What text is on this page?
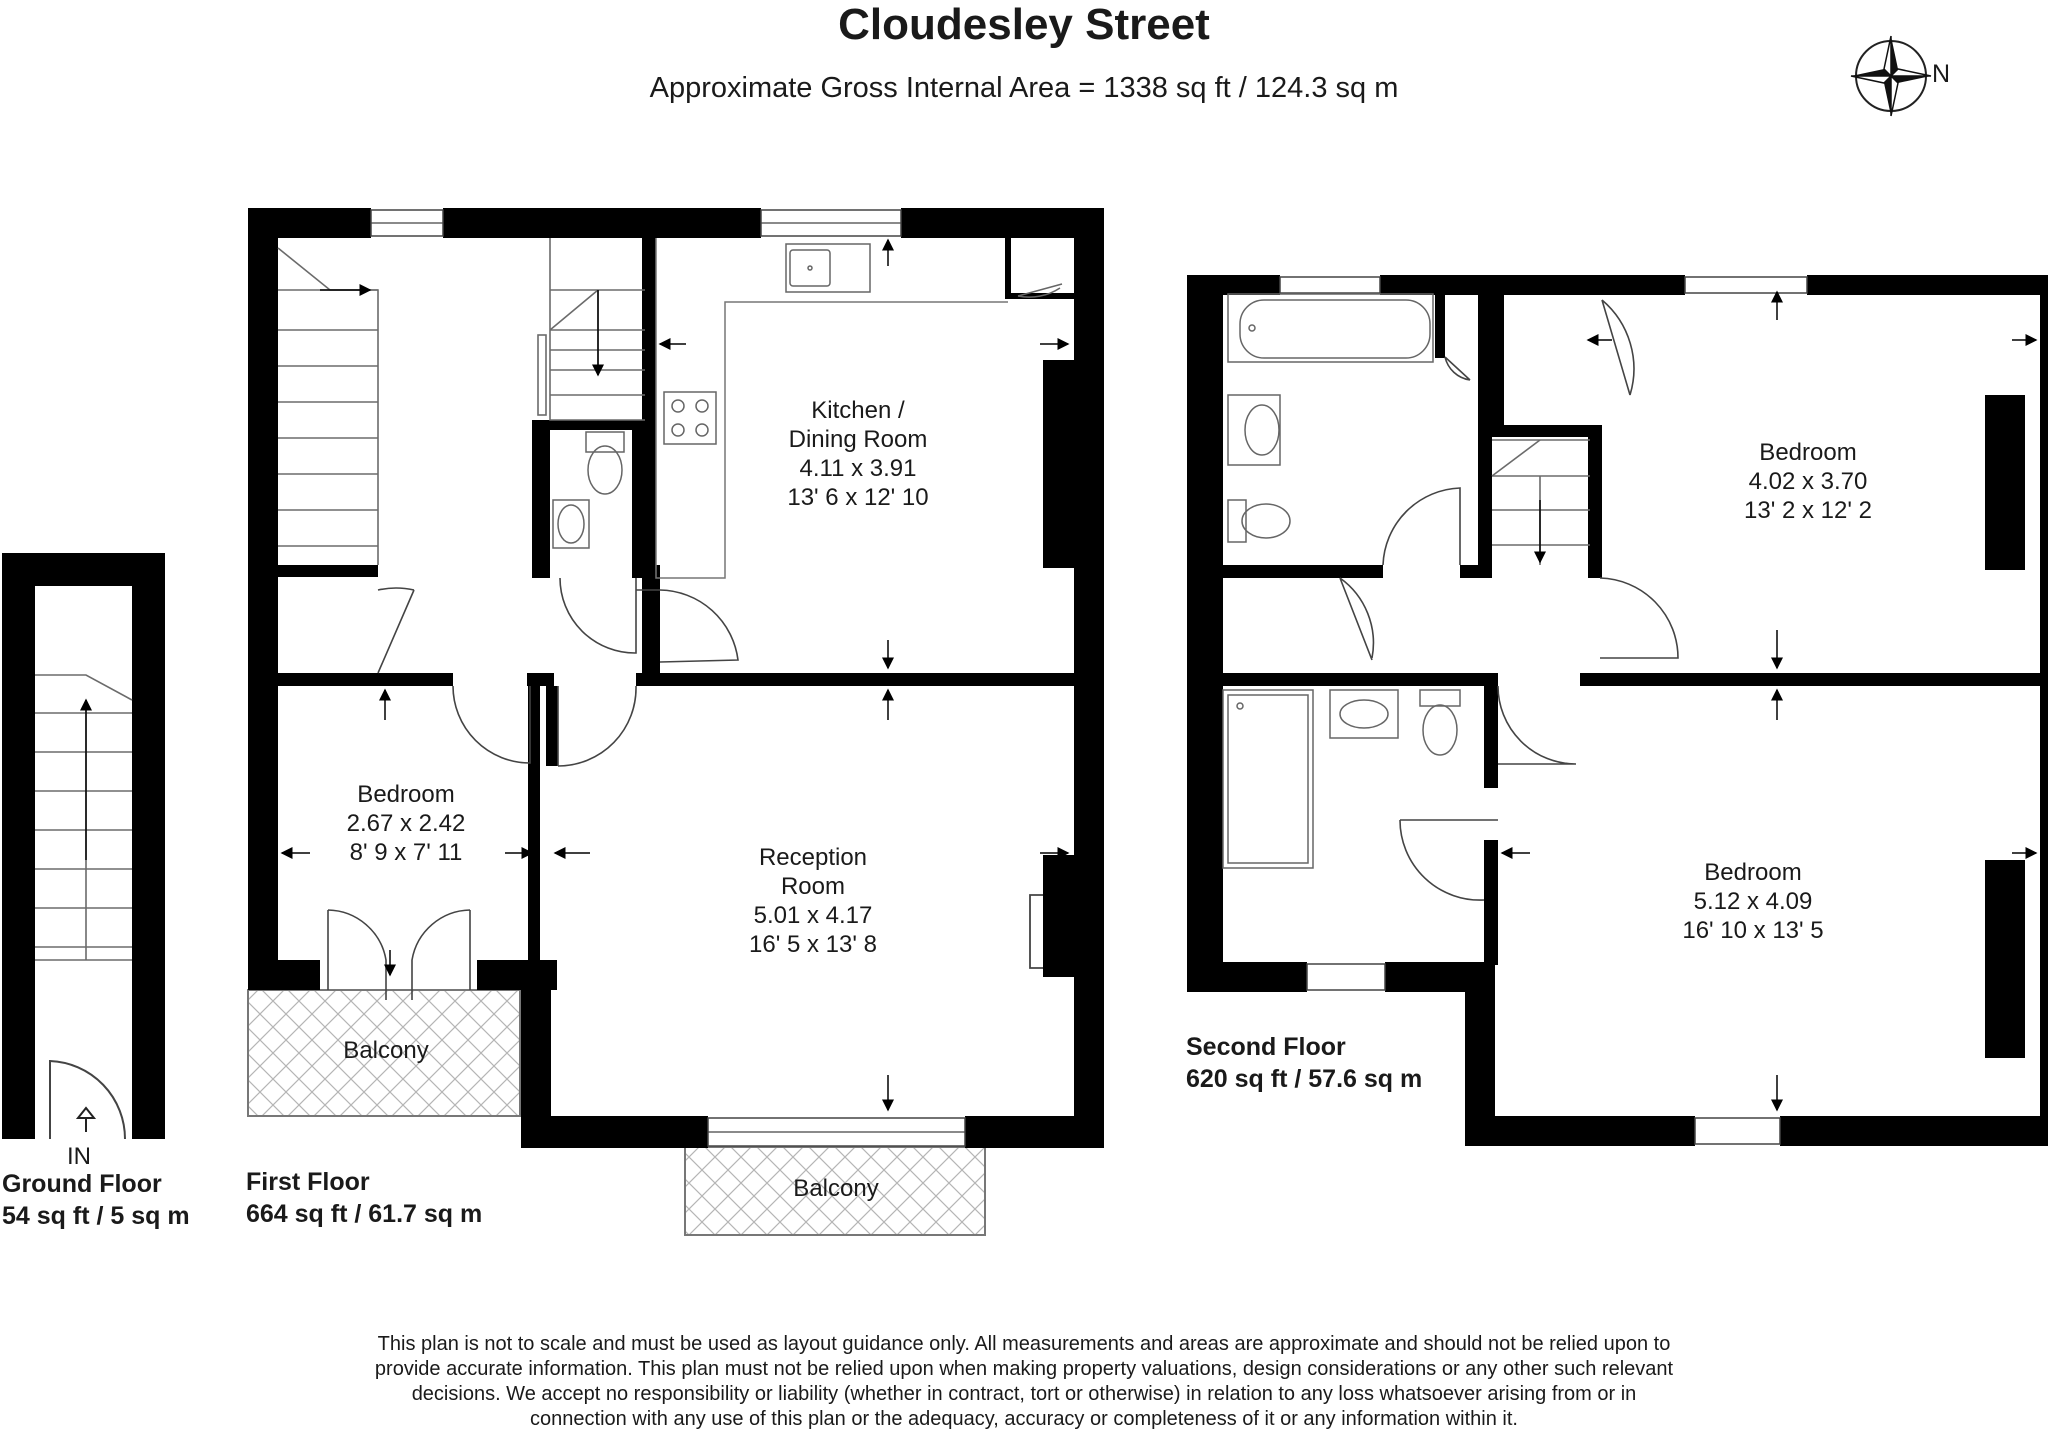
Cloudesley Street
Approximate Gross Internal Area = 1338 sq ft / 124.3 sq m	N
IN
Ground Floor
54 sq ft / 5 sq m
Kitchen /
Dining Room
4.11 x 3.91
13' 6 x 12' 10
Bedroom
2.67 x 2.42
8' 9 x 7' 11	Reception
Room
5.01 x 4.17
16' 5 x 13' 8
Balcony
Balcony
First Floor
664 sq ft / 61.7 sq m
Bedroom
4.02 x 3.70
13' 2 x 12' 2
Bedroom
5.12 x 4.09
16' 10 x 13' 5
Second Floor
620 sq ft / 57.6 sq m
This plan is not to scale and must be used as layout guidance only. All measurements and areas are approximate and should not be relied upon to
provide accurate information. This plan must not be relied upon when making property valuations, design considerations or any other such relevant
decisions. We accept no responsibility or liability (whether in contract, tort or otherwise) in relation to any loss whatsoever arising from or in
connection with any use of this plan or the adequacy, accuracy or completeness of it or any information within it.
